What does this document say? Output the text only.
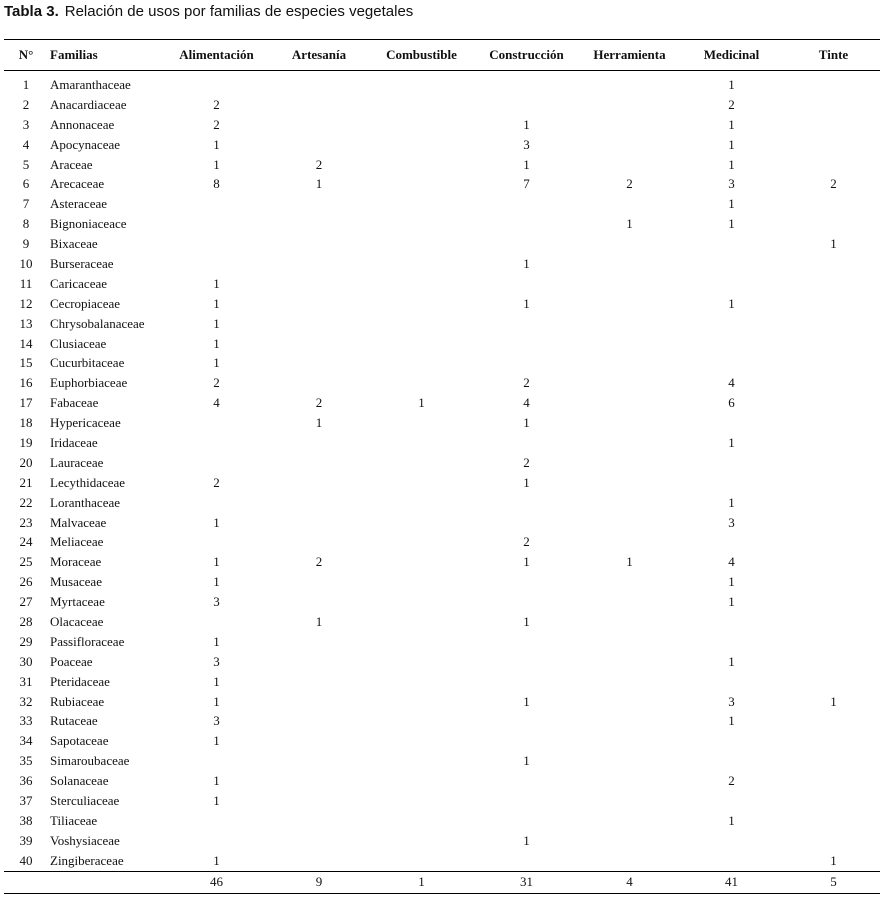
Tabla 3. Relación de usos por familias de especies vegetales
N°	Familias	Alimentación	Artesanía	Combustible	Construcción	Herramienta	Medicinal	Tinte
1	Amaranthaceae						1	
2	Anacardiaceae	2					2	
3	Annonaceae	2			1		1	
4	Apocynaceae	1			3		1	
5	Araceae	1	2		1		1	
6	Arecaceae	8	1		7	2	3	2
7	Asteraceae						1	
8	Bignoniaceace					1	1	
9	Bixaceae							1
10	Burseraceae				1			
11	Caricaceae	1						
12	Cecropiaceae	1			1		1	
13	Chrysobalanaceae	1						
14	Clusiaceae	1						
15	Cucurbitaceae	1						
16	Euphorbiaceae	2			2		4	
17	Fabaceae	4	2	1	4		6	
18	Hypericaceae		1		1			
19	Iridaceae						1	
20	Lauraceae				2			
21	Lecythidaceae	2			1			
22	Loranthaceae						1	
23	Malvaceae	1					3	
24	Meliaceae				2			
25	Moraceae	1	2		1	1	4	
26	Musaceae	1					1	
27	Myrtaceae	3					1	
28	Olacaceae		1		1			
29	Passifloraceae	1						
30	Poaceae	3					1	
31	Pteridaceae	1						
32	Rubiaceae	1			1		3	1
33	Rutaceae	3					1	
34	Sapotaceae	1						
35	Simaroubaceae				1			
36	Solanaceae	1					2	
37	Sterculiaceae	1						
38	Tiliaceae						1	
39	Voshysiaceae				1			
40	Zingiberaceae	1						1
		46	9	1	31	4	41	5
